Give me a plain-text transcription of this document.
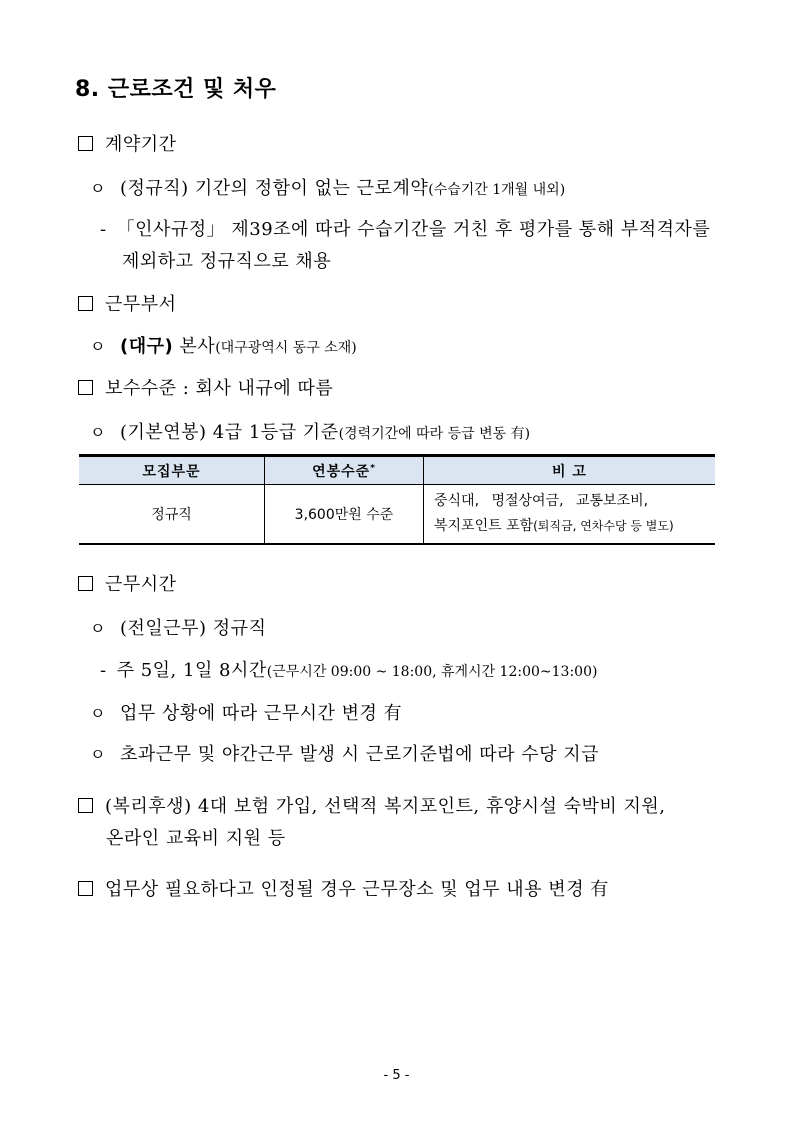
8. 근로조건 및 처우
계약기간
ㅇ (정규직) 기간의 정함이 없는 근로계약(수습기간 1개월 내외)
- 「인사규정」 제39조에 따라 수습기간을 거친 후 평가를 통해 부적격자를
제외하고 정규직으로 채용
근무부서
ㅇ (대구) 본사(대구광역시 동구 소재)
보수수준 : 회사 내규에 따름
ㅇ (기본연봉) 4급 1등급 기준(경력기간에 따라 등급 변동 有)
모집부문	연봉수준*	비 고
정규직	3,600만원 수준	중식대, 명절상여금, 교통보조비,
복지포인트 포함(퇴직금, 연차수당 등 별도)
근무시간
ㅇ (전일근무) 정규직
- 주 5일, 1일 8시간(근무시간 09:00 ~ 18:00, 휴게시간 12:00~13:00)
ㅇ 업무 상황에 따라 근무시간 변경 有
ㅇ 초과근무 및 야간근무 발생 시 근로기준법에 따라 수당 지급
(복리후생) 4대 보험 가입, 선택적 복지포인트, 휴양시설 숙박비 지원,
온라인 교육비 지원 등
업무상 필요하다고 인정될 경우 근무장소 및 업무 내용 변경 有
- 5 -
